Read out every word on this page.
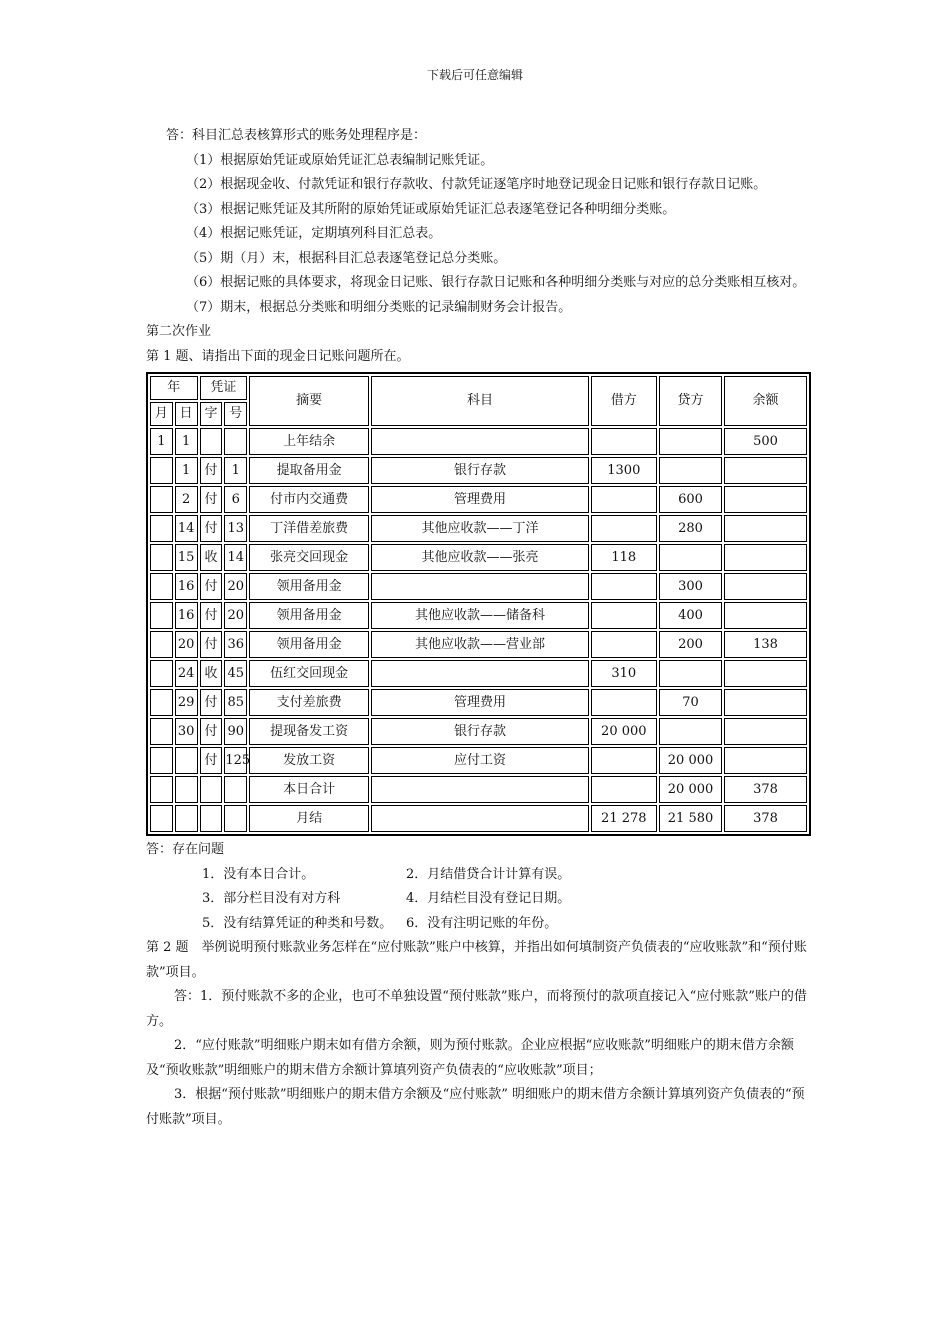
下载后可任意编辑

答：科目汇总表核算形式的账务处理程序是：

（1）根据原始凭证或原始凭证汇总表编制记账凭证。

（2）根据现金收、付款凭证和银行存款收、付款凭证逐笔序时地登记现金日记账和银行存款日记账。

（3）根据记账凭证及其所附的原始凭证或原始凭证汇总表逐笔登记各种明细分类账。

（4）根据记账凭证，定期填列科目汇总表。

（5）期（月）末，根据科目汇总表逐笔登记总分类账。

（6）根据记账的具体要求，将现金日记账、银行存款日记账和各种明细分类账与对应的总分类账相互核对。

（7）期末，根据总分类账和明细分类账的记录编制财务会计报告。

第二次作业

第 1 题、请指出下面的现金日记账问题所在。

年		凭证		摘要	科目	借方	贷方	余额
月	日	字	号					
1	1			上年结余				500
	1	付	1	提取备用金	银行存款	1300		
	2	付	6	付市内交通费	管理费用		600	
	14	付	13	丁洋借差旅费	其他应收款——丁洋		280	
	15	收	14	张亮交回现金	其他应收款——张亮	118		
	16	付	20	领用备用金			300	
	16	付	20	领用备用金	其他应收款——储备科		400	
	20	付	36	领用备用金	其他应收款——营业部		200	138
	24	收	45	伍红交回现金		310		
	29	付	85	支付差旅费	管理费用		70	
	30	付	90	提现备发工资	银行存款	20 000		
		付	125	发放工资	应付工资		20 000	
				本日合计			20 000	378
				月结		21 278	21 580	378

答：存在问题

1．没有本日合计。	2．月结借贷合计计算有误。

3．部分栏目没有对方科	4．月结栏目没有登记日期。

5．没有结算凭证的种类和号数。 6．没有注明记账的年份。

第 2 题　举例说明预付账款业务怎样在“应付账款”账户中核算，并指出如何填制资产负债表的“应收账款”和“预付账款”项目。

答：1．预付账款不多的企业，也可不单独设置“预付账款”账户，而将预付的款项直接记入“应付账款”账户的借方。

2．“应付账款”明细账户期末如有借方余额，则为预付账款。企业应根据“应收账款”明细账户的期末借方余额及“预收账款”明细账户的期末借方余额计算填列资产负债表的“应收账款”项目；

3．根据“预付账款”明细账户的期末借方余额及“应付账款” 明细账户的期末借方余额计算填列资产负债表的“预付账款”项目。
